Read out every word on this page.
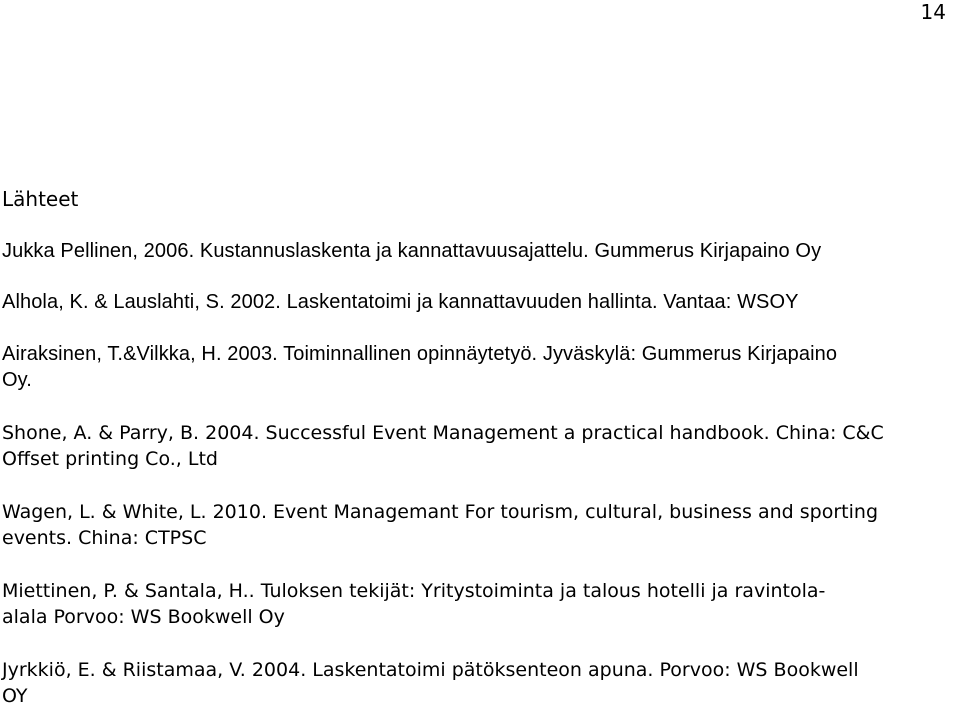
14
Lähteet
Jukka Pellinen, 2006. Kustannuslaskenta ja kannattavuusajattelu. Gummerus Kirjapaino Oy
Alhola, K. & Lauslahti, S. 2002. Laskentatoimi ja kannattavuuden hallinta. Vantaa: WSOY
Airaksinen, T.&Vilkka, H. 2003. Toiminnallinen opinnäytetyö. Jyväskylä: Gummerus Kirjapaino
Oy.
Shone, A. & Parry, B. 2004. Successful Event Management a practical handbook. China: C&C
Offset printing Co., Ltd
Wagen, L. & White, L. 2010. Event Managemant For tourism, cultural, business and sporting
events. China: CTPSC
Miettinen, P. & Santala, H.. Tuloksen tekijät: Yritystoiminta ja talous hotelli ja ravintola-
alala Porvoo: WS Bookwell Oy
Jyrkkiö, E. & Riistamaa, V. 2004. Laskentatoimi pätöksenteon apuna. Porvoo: WS Bookwell
OY
